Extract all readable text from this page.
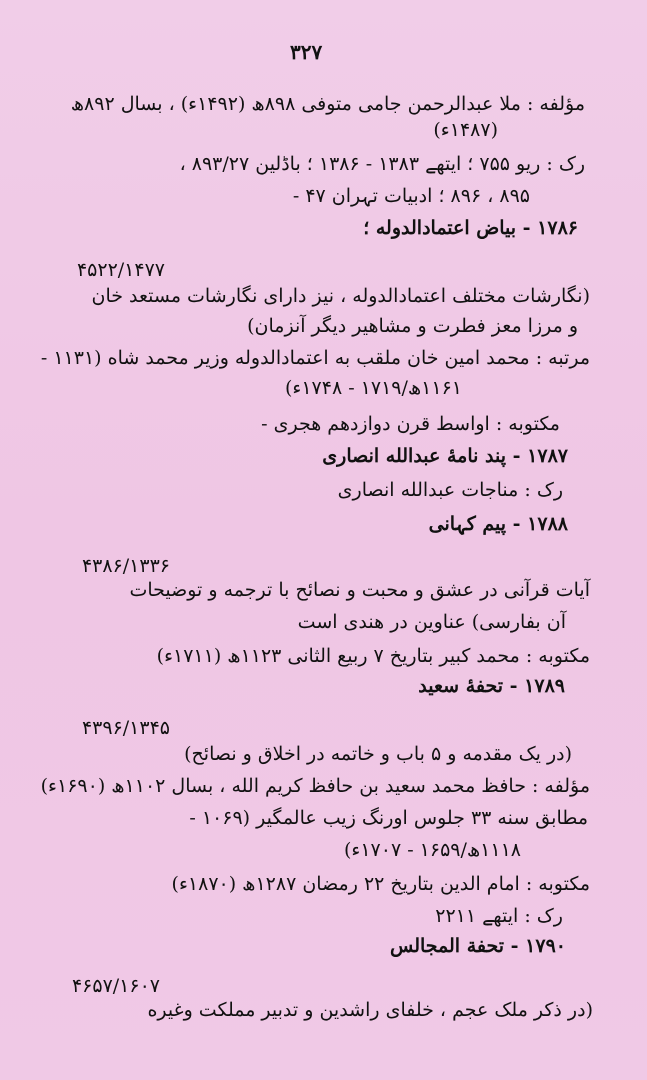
۳۲۷
مؤلفه : ملا عبدالرحمن جامی متوفی ۸۹۸ھ (۱۴۹۲ء) ، بسال ۸۹۲ھ
(۱۴۸۷ء)
رک : ریو ۷۵۵ ؛ ایتھے ۱۳۸۳ - ۱۳۸۶ ؛ باڈلین ۸۹۳/۲۷ ،
۸۹۵ ، ۸۹۶ ؛ ادبیات تہران ۴۷ -
۱۷۸۶ - بیاض اعتمادالدوله ؛
۴۵۲۲/۱۴۷۷
(نگارشات مختلف اعتمادالدوله ، نیز دارای نگارشات مستعد خان
و مرزا معز فطرت و مشاهیر دیگر آنزمان)
مرتبه : محمد امین خان ملقب به اعتمادالدوله وزیر محمد شاه (۱۱۳۱ -
۱۱۶۱ھ/۱۷۱۹ - ۱۷۴۸ء)
مکتوبه : اواسط قرن دوازدهم هجری -
۱۷۸۷ - پند نامهٔ عبدالله انصاری
رک : مناجات عبدالله انصاری
۱۷۸۸ - پیم کہانی
۴۳۸۶/۱۳۳۶
آیات قرآنی در عشق و محبت و نصائح با ترجمه و توضیحات
آن بفارسی) عناوین در هندی است
مکتوبه : محمد کبیر بتاریخ ۷ ربیع الثانی ۱۱۲۳ھ (۱۷۱۱ء)
۱۷۸۹ - تحفهٔ سعید
۴۳۹۶/۱۳۴۵
(در یک مقدمه و ۵ باب و خاتمه در اخلاق و نصائح)
مؤلفه : حافظ محمد سعید بن حافظ کریم الله ، بسال ۱۱۰۲ھ (۱۶۹۰ء)
مطابق سنه ۳۳ جلوس اورنگ زیب عالمگیر (۱۰۶۹ -
۱۱۱۸ھ/۱۶۵۹ - ۱۷۰۷ء)
مکتوبه : امام الدین بتاریخ ۲۲ رمضان ۱۲۸۷ھ (۱۸۷۰ء)
رک : ایتھے ۲۲۱۱
۱۷۹۰ - تحفة المجالس
۴۶۵۷/۱۶۰۷
(در ذکر ملک عجم ، خلفای راشدین و تدبیر مملکت وغیره
